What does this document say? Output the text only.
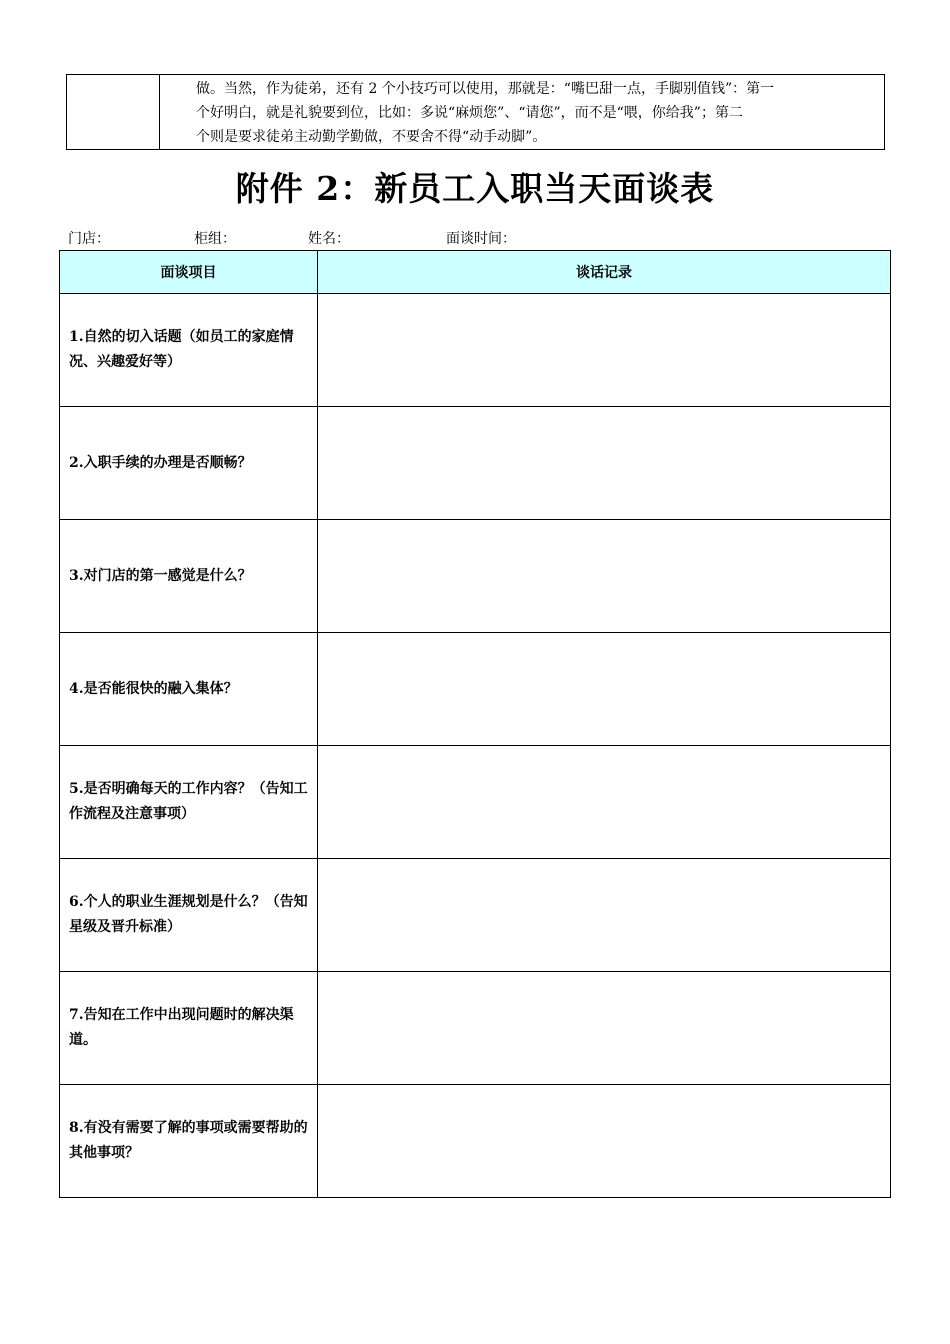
做。当然，作为徒弟，还有 2 个小技巧可以使用，那就是：“嘴巴甜一点，手脚别值钱”：第一

个好明白，就是礼貌要到位，比如：多说“麻烦您”、“请您”，而不是“喂，你给我”；第二

个则是要求徒弟主动勤学勤做，不要舍不得“动手动脚”。

附件 2：新员工入职当天面谈表
门店：	柜组：	姓名：	面谈时间：
面谈项目	谈话记录
1.自然的切入话题（如员工的家庭情况、兴趣爱好等）
2.入职手续的办理是否顺畅？
3.对门店的第一感觉是什么？
4.是否能很快的融入集体？
5.是否明确每天的工作内容？（告知工作流程及注意事项）
6.个人的职业生涯规划是什么？（告知星级及晋升标准）
7.告知在工作中出现问题时的解决渠道。
8.有没有需要了解的事项或需要帮助的其他事项？
